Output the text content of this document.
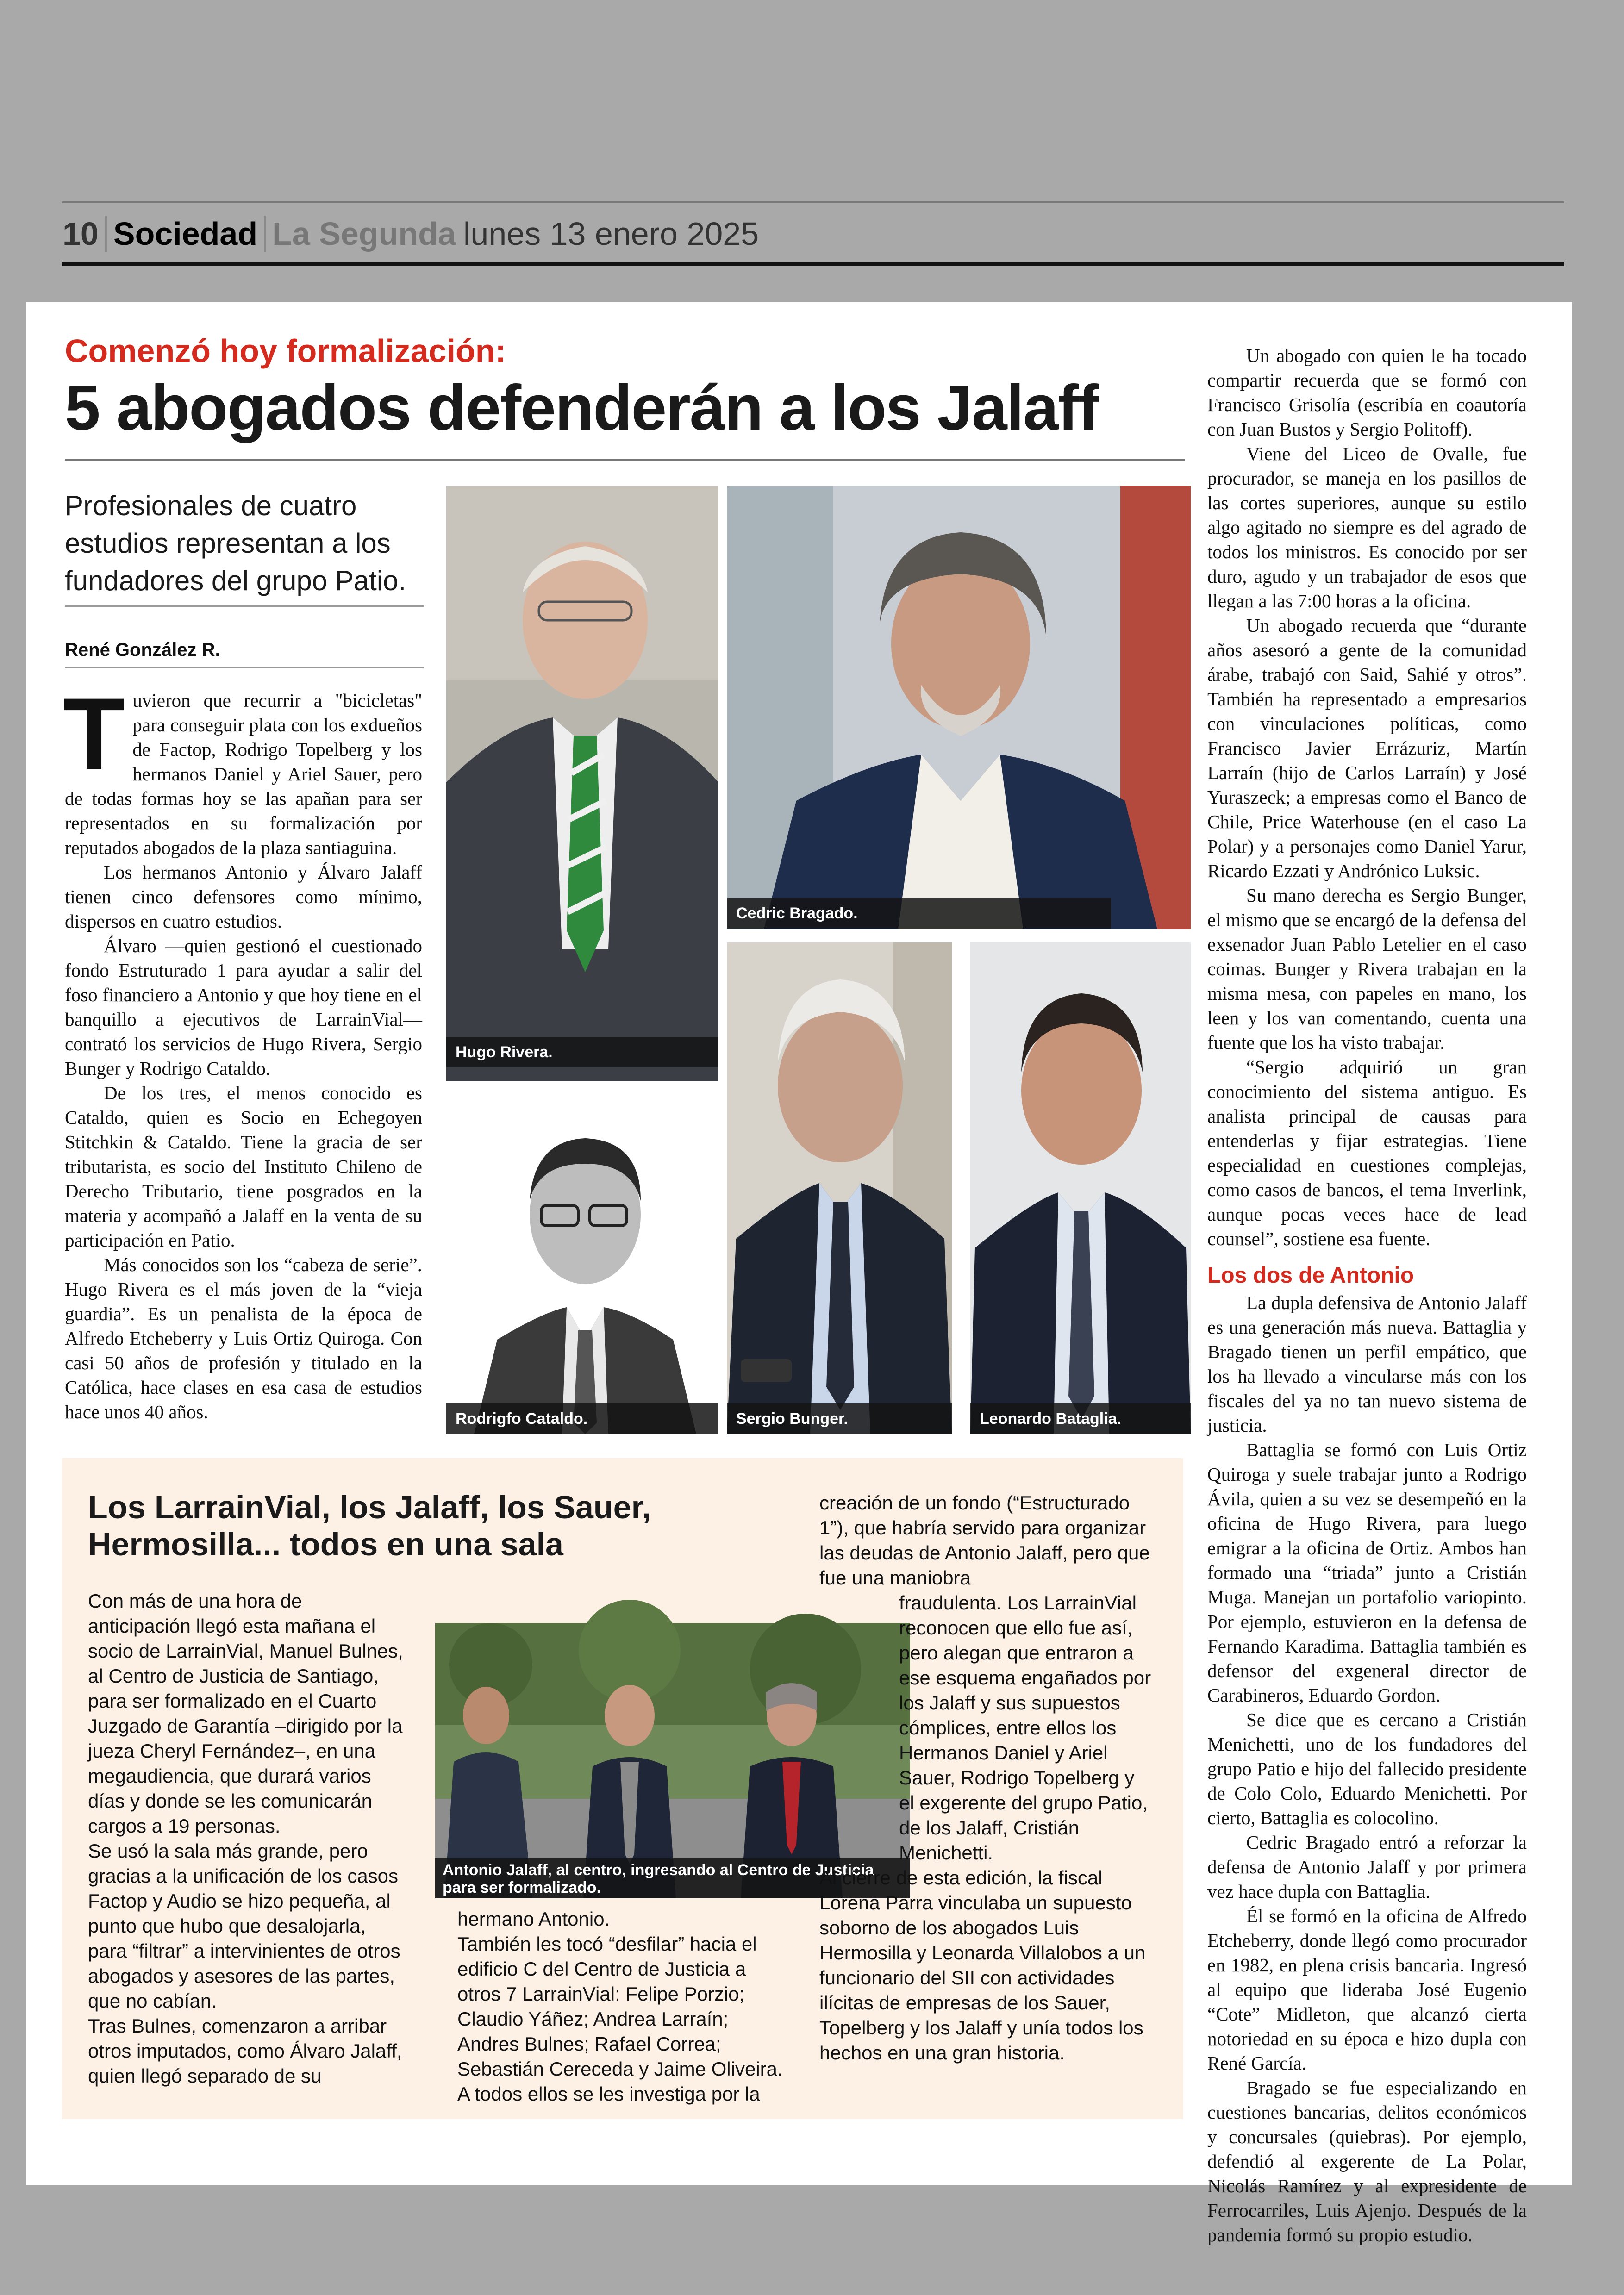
10 Sociedad La Segunda lunes 13 enero 2025
Comenzó hoy formalización:
5 abogados defenderán a los Jalaff
Profesionales de cuatro estudios representan a los fundadores del grupo Patio.
René González R.

Tuvieron que recurrir a "bicicletas" para conseguir plata con los exdueños de Factop, Rodrigo Topelberg y los hermanos Daniel y Ariel Sauer, pero de todas formas hoy se las apañan para ser representados en su formalización por reputados abogados de la plaza santiaguina.

Los hermanos Antonio y Álvaro Jalaff tienen cinco defensores como mínimo, dispersos en cuatro estudios.

Álvaro —quien gestionó el cuestionado fondo Estruturado 1 para ayudar a salir del foso financiero a Antonio y que hoy tiene en el banquillo a ejecutivos de LarrainVial— contrató los servicios de Hugo Rivera, Sergio Bunger y Rodrigo Cataldo.

De los tres, el menos conocido es Cataldo, quien es Socio en Echegoyen Stitchkin & Cataldo. Tiene la gracia de ser tributarista, es socio del Instituto Chileno de Derecho Tributario, tiene posgrados en la materia y acompañó a Jalaff en la venta de su participación en Patio.

Más conocidos son los “cabeza de serie”. Hugo Rivera es el más joven de la “vieja guardia”. Es un penalista de la época de Alfredo Etcheberry y Luis Ortiz Quiroga. Con casi 50 años de profesión y titulado en la Católica, hace clases en esa casa de estudios hace unos 40 años.

Hugo Rivera.
Cedric Bragado.
Rodrigfo Cataldo.	Sergio Bunger.	Leonardo Bataglia.

Un abogado con quien le ha tocado compartir recuerda que se formó con Francisco Grisolía (escribía en coautoría con Juan Bustos y Sergio Politoff).

Viene del Liceo de Ovalle, fue procurador, se maneja en los pasillos de las cortes superiores, aunque su estilo algo agitado no siempre es del agrado de todos los ministros. Es conocido por ser duro, agudo y un trabajador de esos que llegan a las 7:00 horas a la oficina.

Un abogado recuerda que “durante años asesoró a gente de la comunidad árabe, trabajó con Said, Sahié y otros”. También ha representado a empresarios con vinculaciones políticas, como Francisco Javier Errázuriz, Martín Larraín (hijo de Carlos Larraín) y José Yuraszeck; a empresas como el Banco de Chile, Price Waterhouse (en el caso La Polar) y a personajes como Daniel Yarur, Ricardo Ezzati y Andrónico Luksic.

Su mano derecha es Sergio Bunger, el mismo que se encargó de la defensa del exsenador Juan Pablo Letelier en el caso coimas. Bunger y Rivera trabajan en la misma mesa, con papeles en mano, los leen y los van comentando, cuenta una fuente que los ha visto trabajar.

“Sergio adquirió un gran conocimiento del sistema antiguo. Es analista principal de causas para entenderlas y fijar estrategias. Tiene especialidad en cuestiones complejas, como casos de bancos, el tema Inverlink, aunque pocas veces hace de lead counsel”, sostiene esa fuente.

Los dos de Antonio

La dupla defensiva de Antonio Jalaff es una generación más nueva. Battaglia y Bragado tienen un perfil empático, que los ha llevado a vincularse más con los fiscales del ya no tan nuevo sistema de justicia.

Battaglia se formó con Luis Ortiz Quiroga y suele trabajar junto a Rodrigo Ávila, quien a su vez se desempeñó en la oficina de Hugo Rivera, para luego emigrar a la oficina de Ortiz. Ambos han formado una “triada” junto a Cristián Muga. Manejan un portafolio variopinto. Por ejemplo, estuvieron en la defensa de Fernando Karadima. Battaglia también es defensor del exgeneral director de Carabineros, Eduardo Gordon.

Se dice que es cercano a Cristián Menichetti, uno de los fundadores del grupo Patio e hijo del fallecido presidente de Colo Colo, Eduardo Menichetti. Por cierto, Battaglia es colocolino.

Cedric Bragado entró a reforzar la defensa de Antonio Jalaff y por primera vez hace dupla con Battaglia.

Él se formó en la oficina de Alfredo Etcheberry, donde llegó como procurador en 1982, en plena crisis bancaria. Ingresó al equipo que lideraba José Eugenio “Cote” Midleton, que alcanzó cierta notoriedad en su época e hizo dupla con René García.

Bragado se fue especializando en cuestiones bancarias, delitos económicos y concursales (quiebras). Por ejemplo, defendió al exgerente de La Polar, Nicolás Ramírez y al expresidente de Ferrocarriles, Luis Ajenjo. Después de la pandemia formó su propio estudio.

Los LarrainVial, los Jalaff, los Sauer, Hermosilla... todos en una sala

Con más de una hora de anticipación llegó esta mañana el socio de LarrainVial, Manuel Bulnes, al Centro de Justicia de Santiago, para ser formalizado en el Cuarto Juzgado de Garantía –dirigido por la jueza Cheryl Fernández–, en una megaudiencia, que durará varios días y donde se les comunicarán cargos a 19 personas.

Se usó la sala más grande, pero gracias a la unificación de los casos Factop y Audio se hizo pequeña, al punto que hubo que desalojarla, para “filtrar” a intervinientes de otros abogados y asesores de las partes, que no cabían.

Tras Bulnes, comenzaron a arribar otros imputados, como Álvaro Jalaff, quien llegó separado de su

Antonio Jalaff, al centro, ingresando al Centro de Justicia para ser formalizado.

hermano Antonio.

También les tocó “desfilar” hacia el edificio C del Centro de Justicia a otros 7 LarrainVial: Felipe Porzio; Claudio Yáñez; Andrea Larraín; Andres Bulnes; Rafael Correa; Sebastián Cereceda y Jaime Oliveira.

A todos ellos se les investiga por la

creación de un fondo (“Estructurado 1”), que habría servido para organizar las deudas de Antonio Jalaff, pero que fue una maniobra

fraudulenta. Los LarrainVial reconocen que ello fue así, pero alegan que entraron a ese esquema engañados por los Jalaff y sus supuestos cómplices, entre ellos los Hermanos Daniel y Ariel Sauer, Rodrigo Topelberg y el exgerente del grupo Patio, de los Jalaff, Cristián Menichetti.

Al cierre de esta edición, la fiscal Lorena Parra vinculaba un supuesto soborno de los abogados Luis Hermosilla y Leonarda Villalobos a un funcionario del SII con actividades ilícitas de empresas de los Sauer, Topelberg y los Jalaff y unía todos los hechos en una gran historia.
